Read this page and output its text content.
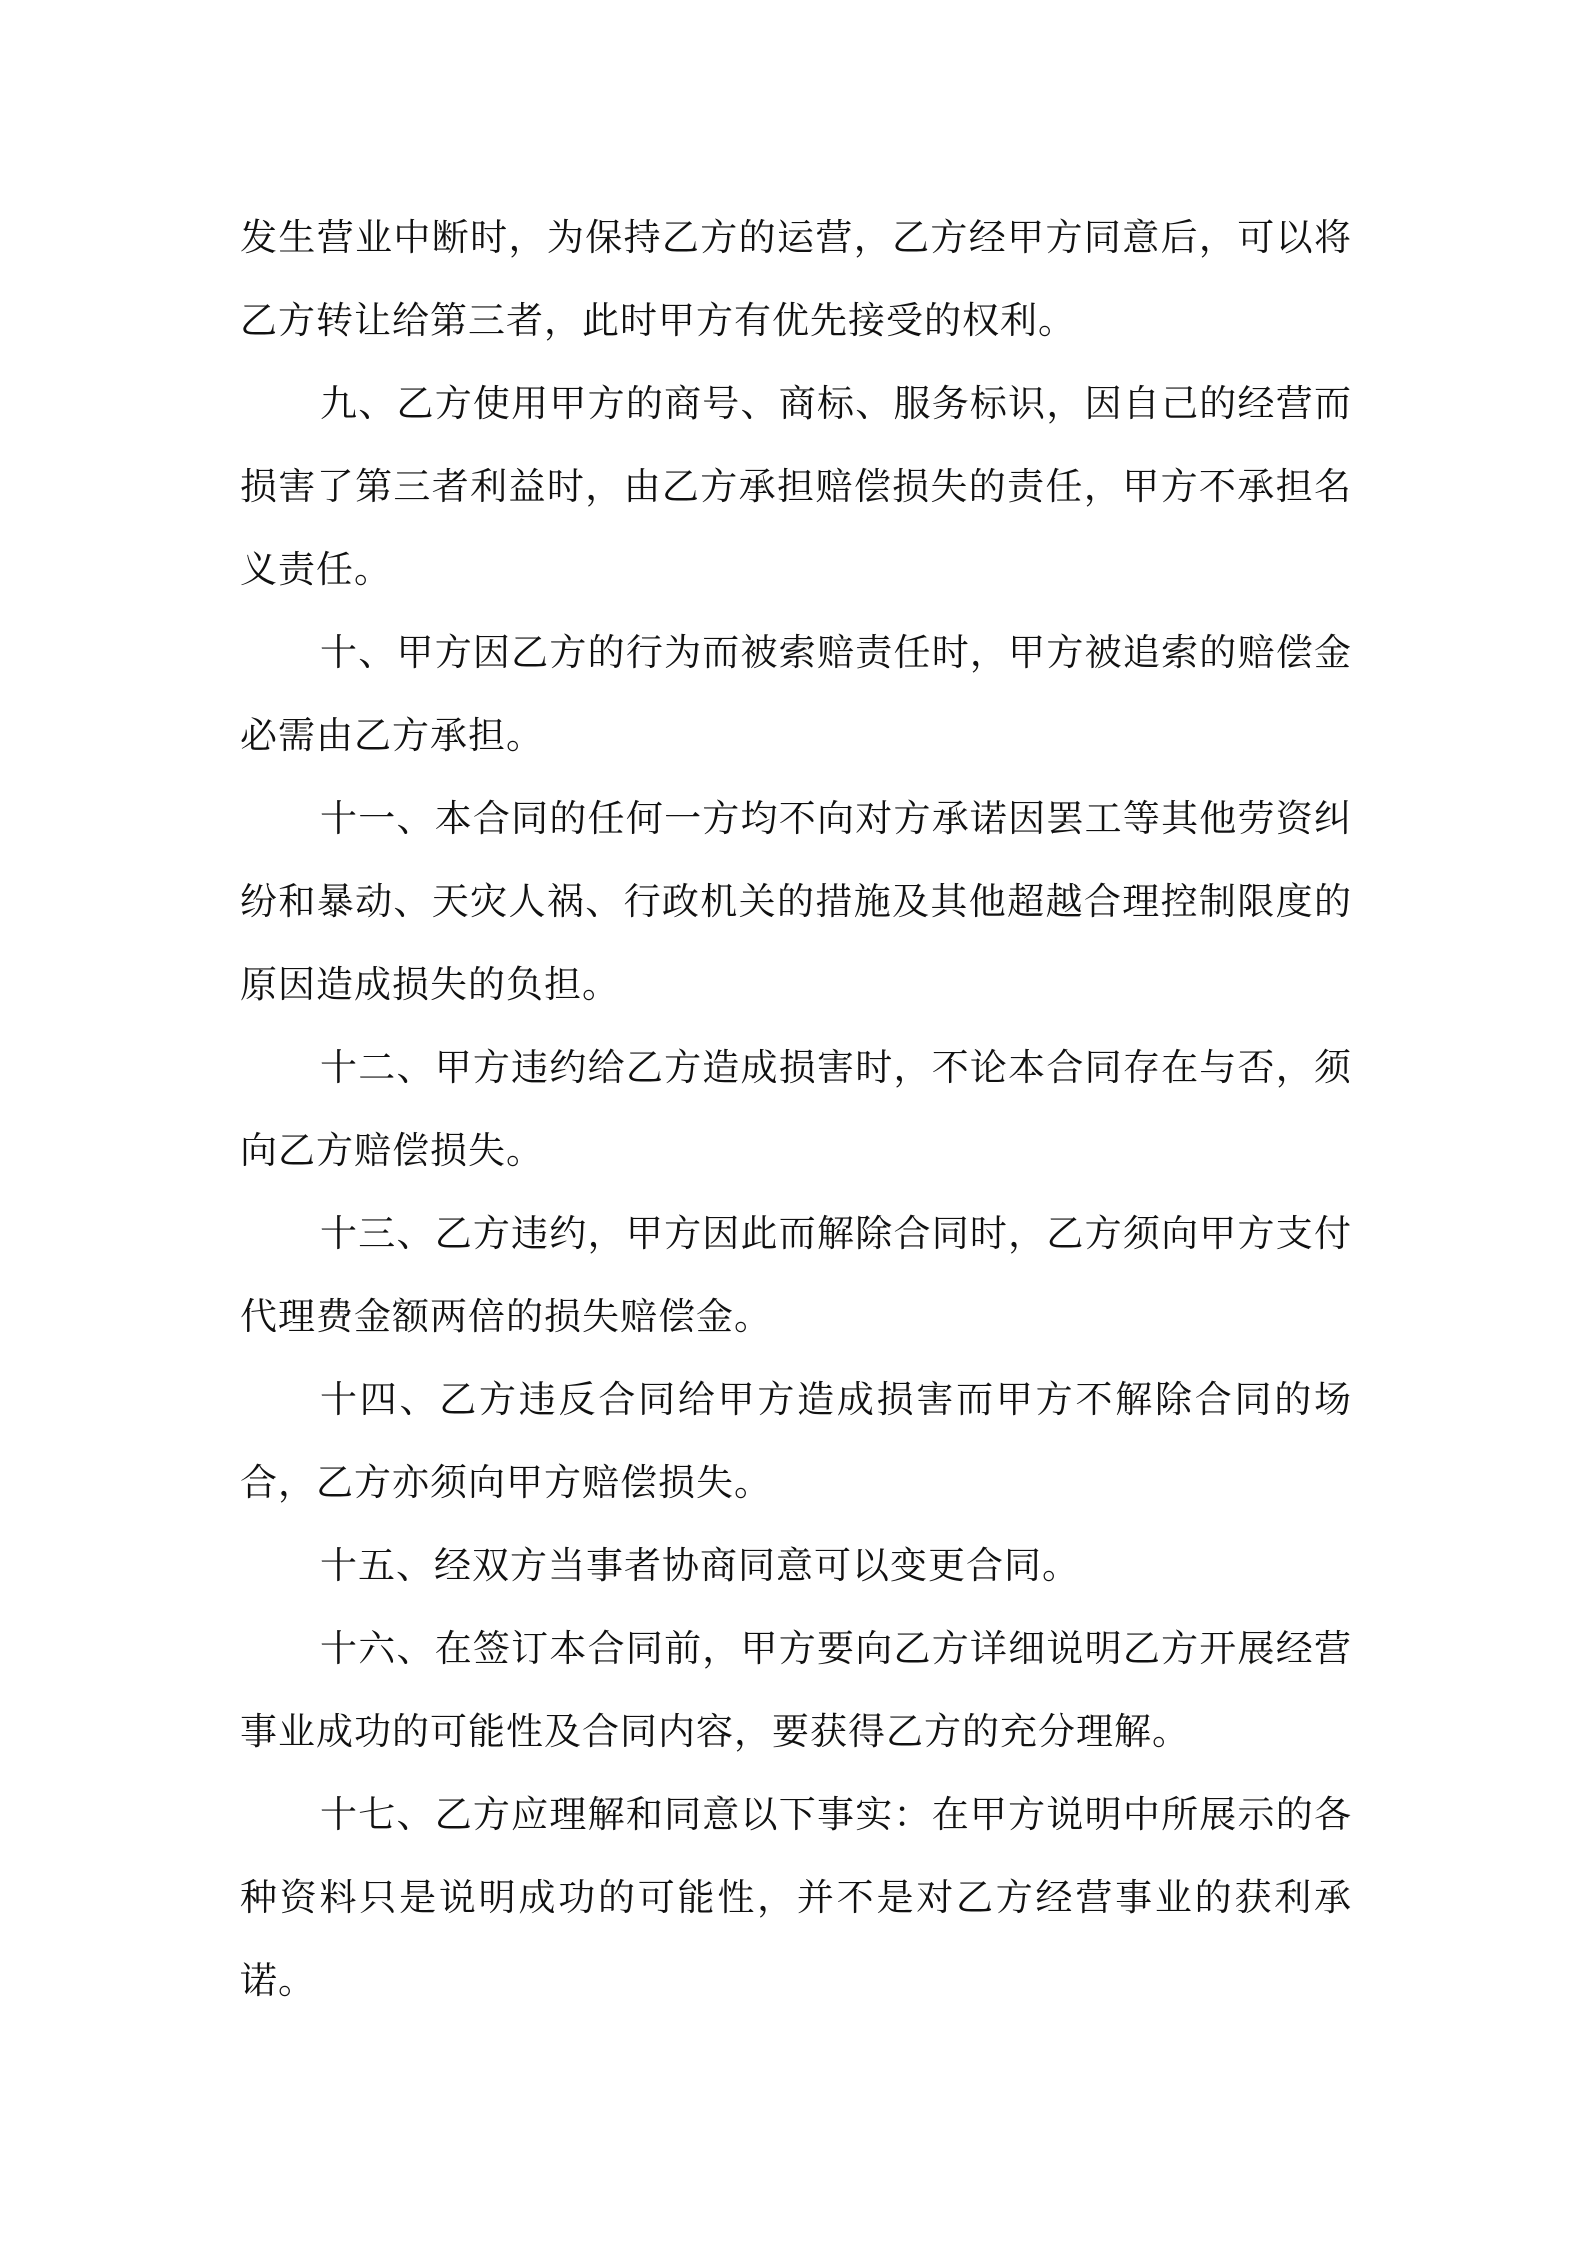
发生营业中断时，为保持乙方的运营，乙方经甲方同意后，可以将乙方转让给第三者，此时甲方有优先接受的权利。

九、乙方使用甲方的商号、商标、服务标识，因自己的经营而损害了第三者利益时，由乙方承担赔偿损失的责任，甲方不承担名义责任。

十、甲方因乙方的行为而被索赔责任时，甲方被追索的赔偿金必需由乙方承担。

十一、本合同的任何一方均不向对方承诺因罢工等其他劳资纠纷和暴动、天灾人祸、行政机关的措施及其他超越合理控制限度的原因造成损失的负担。

十二、甲方违约给乙方造成损害时，不论本合同存在与否，须向乙方赔偿损失。

十三、乙方违约，甲方因此而解除合同时，乙方须向甲方支付代理费金额两倍的损失赔偿金。

十四、乙方违反合同给甲方造成损害而甲方不解除合同的场合，乙方亦须向甲方赔偿损失。

十五、经双方当事者协商同意可以变更合同。

十六、在签订本合同前，甲方要向乙方详细说明乙方开展经营事业成功的可能性及合同内容，要获得乙方的充分理解。

十七、乙方应理解和同意以下事实：在甲方说明中所展示的各种资料只是说明成功的可能性，并不是对乙方经营事业的获利承诺。
